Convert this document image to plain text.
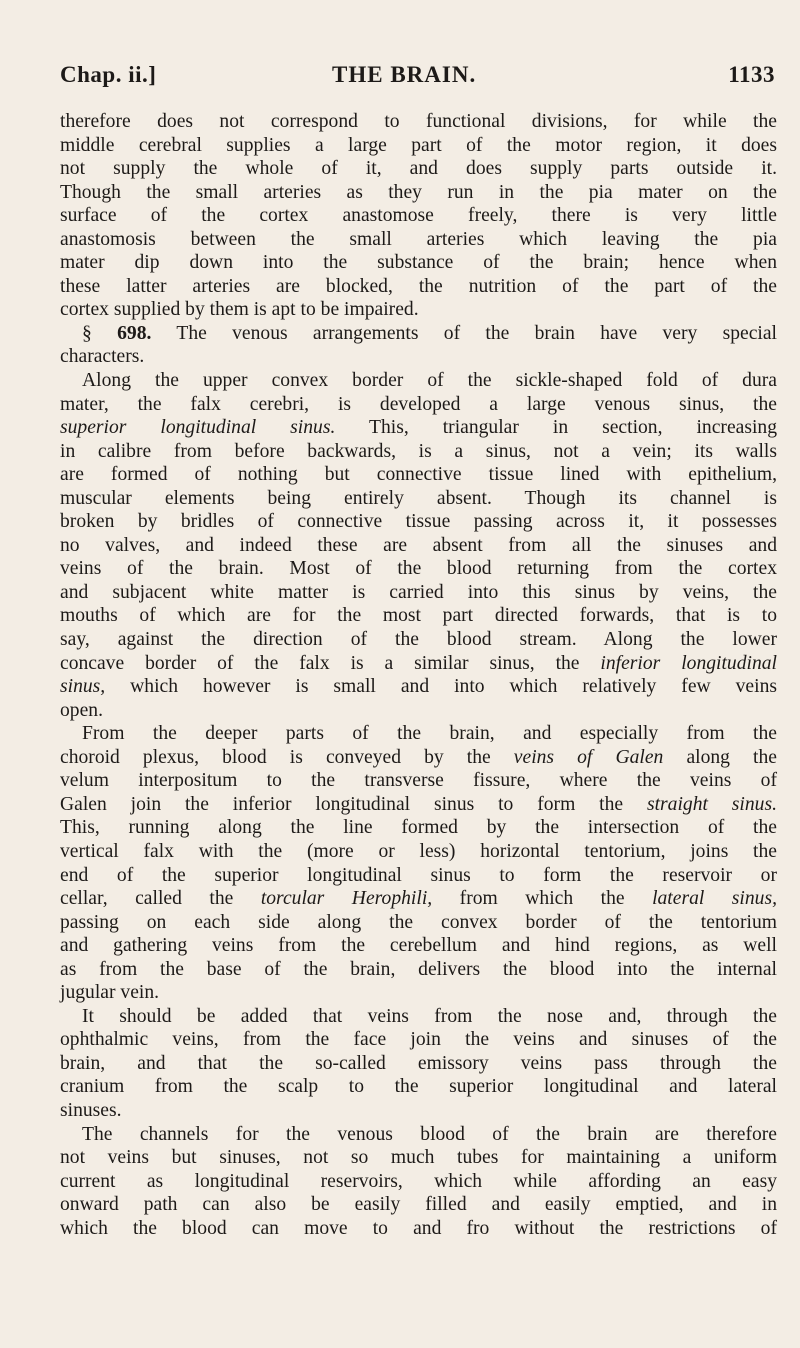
Chap. ii.]	THE BRAIN.	1133
therefore does not correspond to functional divisions, for while the
middle cerebral supplies a large part of the motor region, it does
not supply the whole of it, and does supply parts outside it.
Though the small arteries as they run in the pia mater on the
surface of the cortex anastomose freely, there is very little
anastomosis between the small arteries which leaving the pia
mater dip down into the substance of the brain; hence when
these latter arteries are blocked, the nutrition of the part of the
cortex supplied by them is apt to be impaired.
§ 698. The venous arrangements of the brain have very special
characters.
Along the upper convex border of the sickle-shaped fold of dura
mater, the falx cerebri, is developed a large venous sinus, the
superior longitudinal sinus. This, triangular in section, increasing
in calibre from before backwards, is a sinus, not a vein; its walls
are formed of nothing but connective tissue lined with epithelium,
muscular elements being entirely absent. Though its channel is
broken by bridles of connective tissue passing across it, it possesses
no valves, and indeed these are absent from all the sinuses and
veins of the brain. Most of the blood returning from the cortex
and subjacent white matter is carried into this sinus by veins, the
mouths of which are for the most part directed forwards, that is to
say, against the direction of the blood stream. Along the lower
concave border of the falx is a similar sinus, the inferior longitudinal
sinus, which however is small and into which relatively few veins
open.
From the deeper parts of the brain, and especially from the
choroid plexus, blood is conveyed by the veins of Galen along the
velum interpositum to the transverse fissure, where the veins of
Galen join the inferior longitudinal sinus to form the straight sinus.
This, running along the line formed by the intersection of the
vertical falx with the (more or less) horizontal tentorium, joins the
end of the superior longitudinal sinus to form the reservoir or
cellar, called the torcular Herophili, from which the lateral sinus,
passing on each side along the convex border of the tentorium
and gathering veins from the cerebellum and hind regions, as well
as from the base of the brain, delivers the blood into the internal
jugular vein.
It should be added that veins from the nose and, through the
ophthalmic veins, from the face join the veins and sinuses of the
brain, and that the so-called emissory veins pass through the
cranium from the scalp to the superior longitudinal and lateral
sinuses.
The channels for the venous blood of the brain are therefore
not veins but sinuses, not so much tubes for maintaining a uniform
current as longitudinal reservoirs, which while affording an easy
onward path can also be easily filled and easily emptied, and in
which the blood can move to and fro without the restrictions of
